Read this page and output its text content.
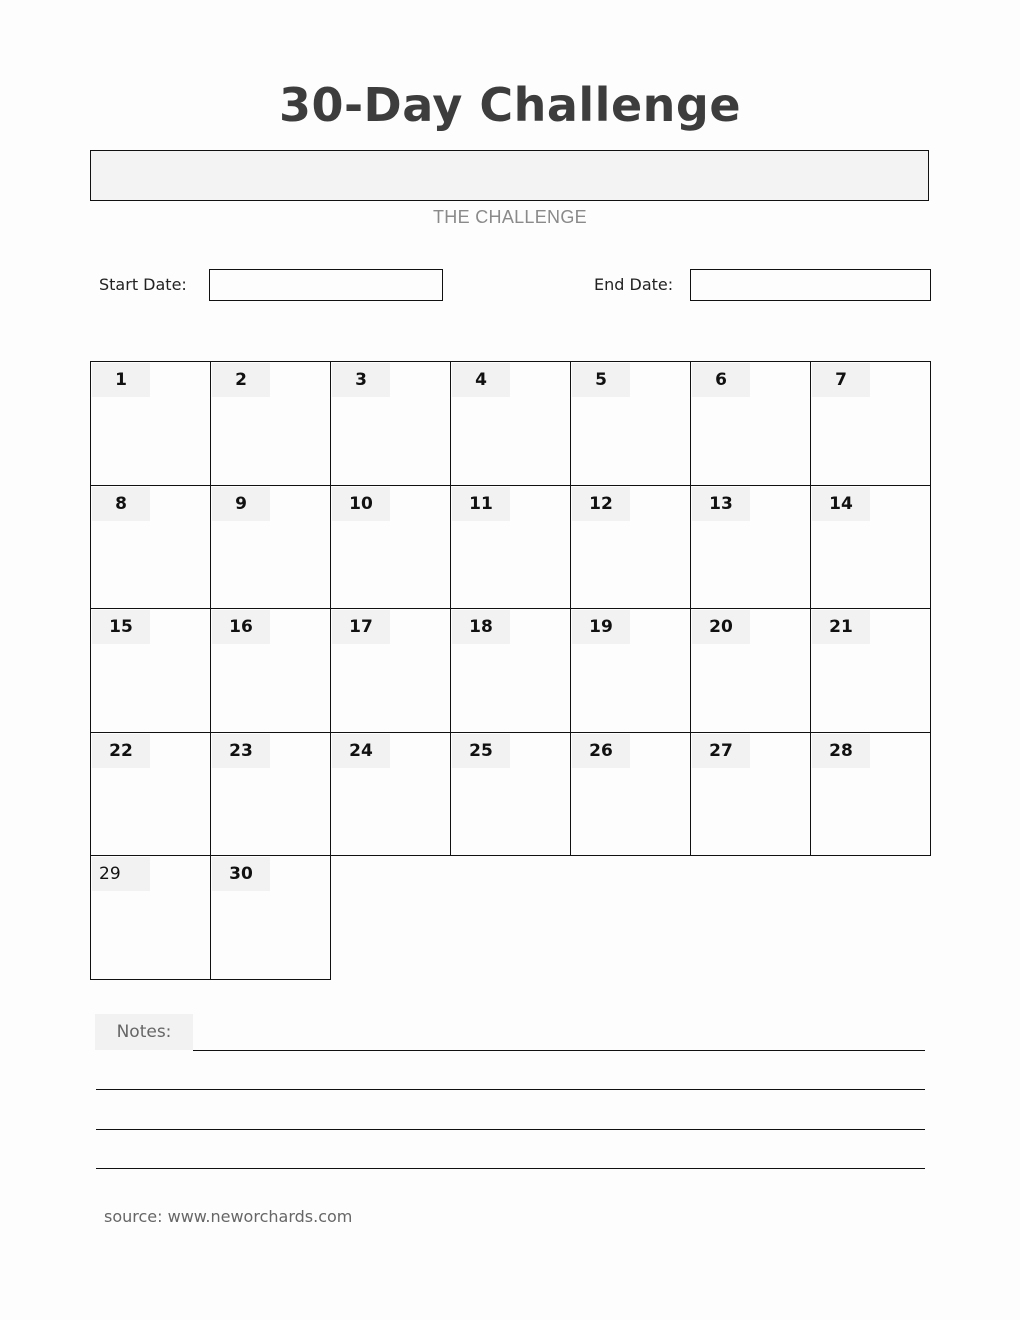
30-Day Challenge
THE CHALLENGE
Start Date:	End Date:
1	2	3	4	5	6	7
8	9	10	11	12	13	14
15	16	17	18	19	20	21
22	23	24	25	26	27	28
29	30
Notes:
source: www.neworchards.com
